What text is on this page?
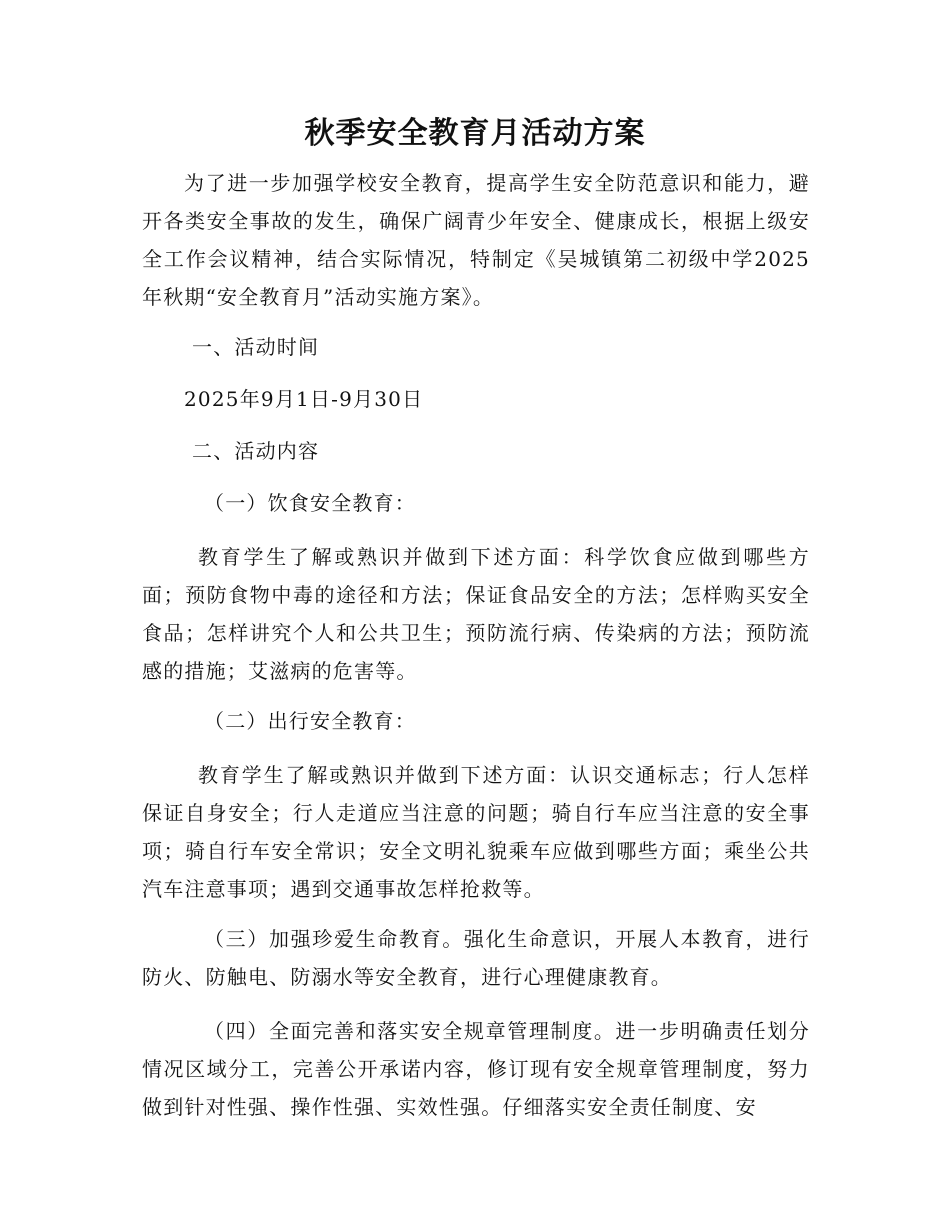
秋季安全教育月活动方案

为了进一步加强学校安全教育，提高学生安全防范意识和能力，避开各类安全事故的发生，确保广阔青少年安全、健康成长，根据上级安全工作会议精神，结合实际情况，特制定《吴城镇第二初级中学2025年秋期“安全教育月”活动实施方案》。

一、活动时间

2025年9月1日-9月30日

二、活动内容

（一）饮食安全教育：

教育学生了解或熟识并做到下述方面：科学饮食应做到哪些方面；预防食物中毒的途径和方法；保证食品安全的方法；怎样购买安全食品；怎样讲究个人和公共卫生；预防流行病、传染病的方法；预防流感的措施；艾滋病的危害等。

（二）出行安全教育：

教育学生了解或熟识并做到下述方面：认识交通标志；行人怎样保证自身安全；行人走道应当注意的问题；骑自行车应当注意的安全事项；骑自行车安全常识；安全文明礼貌乘车应做到哪些方面；乘坐公共汽车注意事项；遇到交通事故怎样抢救等。

（三）加强珍爱生命教育。强化生命意识，开展人本教育，进行防火、防触电、防溺水等安全教育，进行心理健康教育。

（四）全面完善和落实安全规章管理制度。进一步明确责任划分情况区域分工，完善公开承诺内容，修订现有安全规章管理制度，努力做到针对性强、操作性强、实效性强。仔细落实安全责任制度、安
